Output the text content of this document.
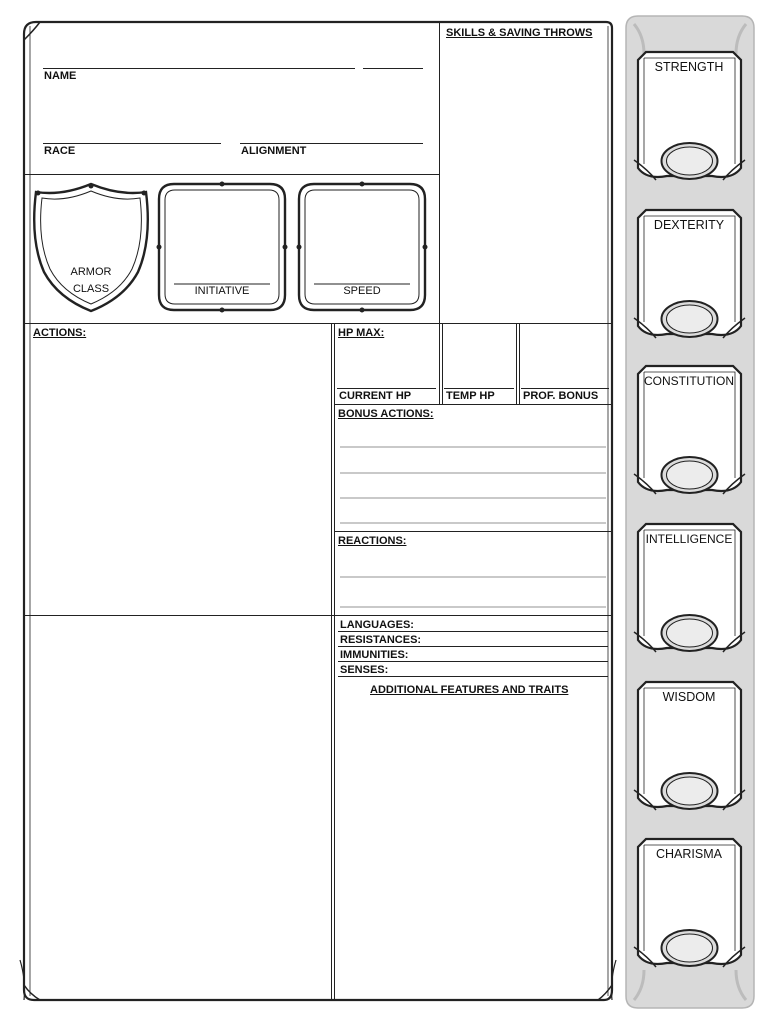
NAME
RACE	ALIGNMENT
ARMOR
CLASS	INITIATIVE	SPEED
SKILLS & SAVING THROWS
ACTIONS:	HP MAX:
CURRENT HP	TEMP HP	PROF. BONUS
BONUS ACTIONS:
REACTIONS:
LANGUAGES:
RESISTANCES:
IMMUNITIES:
SENSES:
ADDITIONAL FEATURES AND TRAITS
STRENGTH
DEXTERITY
CONSTITUTION
INTELLIGENCE
WISDOM
CHARISMA
